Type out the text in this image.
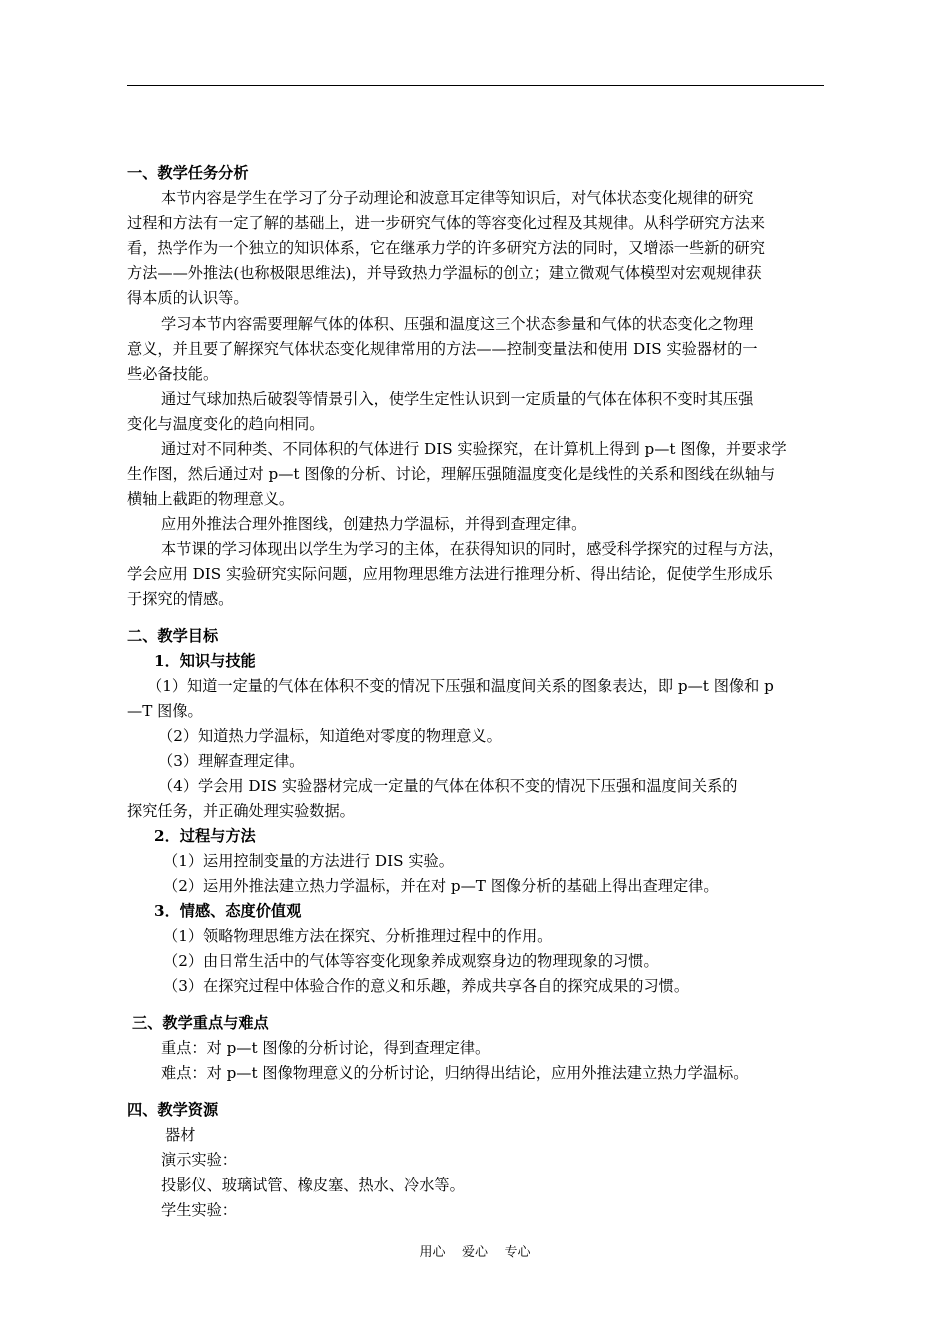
一、教学任务分析
本节内容是学生在学习了分子动理论和波意耳定律等知识后，对气体状态变化规律的研究
过程和方法有一定了解的基础上，进一步研究气体的等容变化过程及其规律。从科学研究方法来
看，热学作为一个独立的知识体系，它在继承力学的许多研究方法的同时，又增添一些新的研究
方法——外推法(也称极限思维法)，并导致热力学温标的创立；建立微观气体模型对宏观规律获
得本质的认识等。
学习本节内容需要理解气体的体积、压强和温度这三个状态参量和气体的状态变化之物理
意义，并且要了解探究气体状态变化规律常用的方法——控制变量法和使用 DIS 实验器材的一
些必备技能。
通过气球加热后破裂等情景引入，使学生定性认识到一定质量的气体在体积不变时其压强
变化与温度变化的趋向相同。
通过对不同种类、不同体积的气体进行 DIS 实验探究，在计算机上得到 p—t 图像，并要求学
生作图，然后通过对 p—t 图像的分析、讨论，理解压强随温度变化是线性的关系和图线在纵轴与
横轴上截距的物理意义。
应用外推法合理外推图线，创建热力学温标，并得到查理定律。
本节课的学习体现出以学生为学习的主体，在获得知识的同时，感受科学探究的过程与方法，
学会应用 DIS 实验研究实际问题，应用物理思维方法进行推理分析、得出结论，促使学生形成乐
于探究的情感。
二、教学目标
1．知识与技能
（1）知道一定量的气体在体积不变的情况下压强和温度间关系的图象表达，即 p—t 图像和 p
—T 图像。
（2）知道热力学温标，知道绝对零度的物理意义。
（3）理解查理定律。
（4）学会用 DIS 实验器材完成一定量的气体在体积不变的情况下压强和温度间关系的
探究任务，并正确处理实验数据。
2．过程与方法
（1）运用控制变量的方法进行 DIS 实验。
（2）运用外推法建立热力学温标，并在对 p—T 图像分析的基础上得出查理定律。
3．情感、态度价值观
（1）领略物理思维方法在探究、分析推理过程中的作用。
（2）由日常生活中的气体等容变化现象养成观察身边的物理现象的习惯。
（3）在探究过程中体验合作的意义和乐趣，养成共享各自的探究成果的习惯。
三、教学重点与难点
重点：对 p—t 图像的分析讨论，得到查理定律。
难点：对 p—t 图像物理意义的分析讨论，归纳得出结论，应用外推法建立热力学温标。
四、教学资源
器材
演示实验：
投影仪、玻璃试管、橡皮塞、热水、冷水等。
学生实验：
用心    爱心    专心
